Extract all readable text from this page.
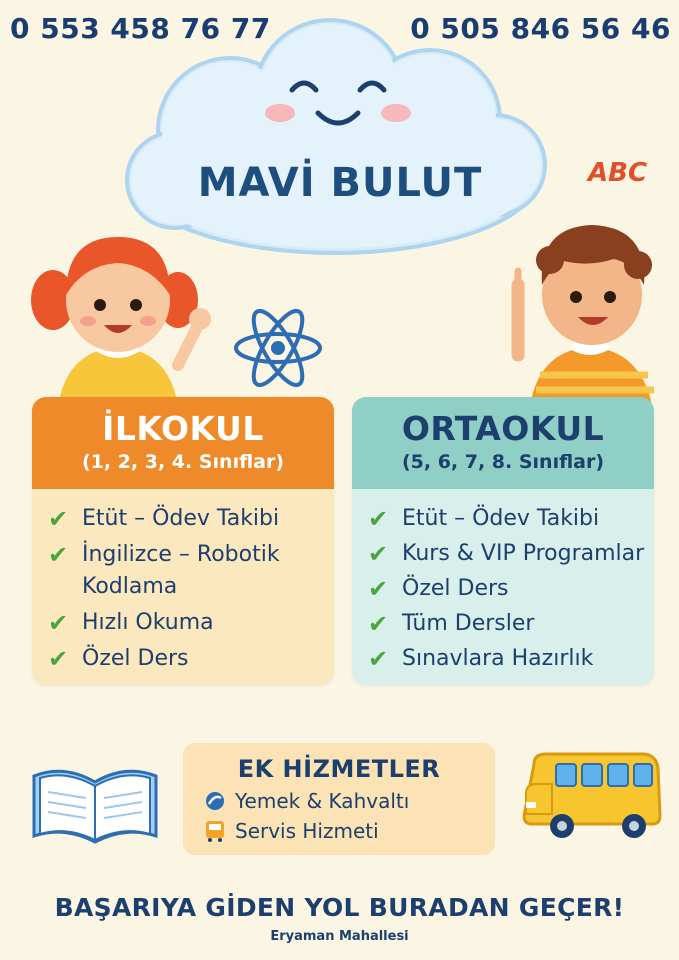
0 553 458 76 77	0 505 846 56 46
MAVİ BULUT	ABC
İLKOKUL
(1, 2, 3, 4. Sınıflar)
✔ Etüt – Ödev Takibi
✔ İngilizce – Robotik Kodlama
✔ Hızlı Okuma
✔ Özel Ders
ORTAOKUL
(5, 6, 7, 8. Sınıflar)
✔ Etüt – Ödev Takibi
✔ Kurs & VIP Programlar
✔ Özel Ders
✔ Tüm Dersler
✔ Sınavlara Hazırlık
EK HİZMETLER
Yemek & Kahvaltı
Servis Hizmeti
BAŞARIYA GİDEN YOL BURADAN GEÇER!
Eryaman Mahallesi
